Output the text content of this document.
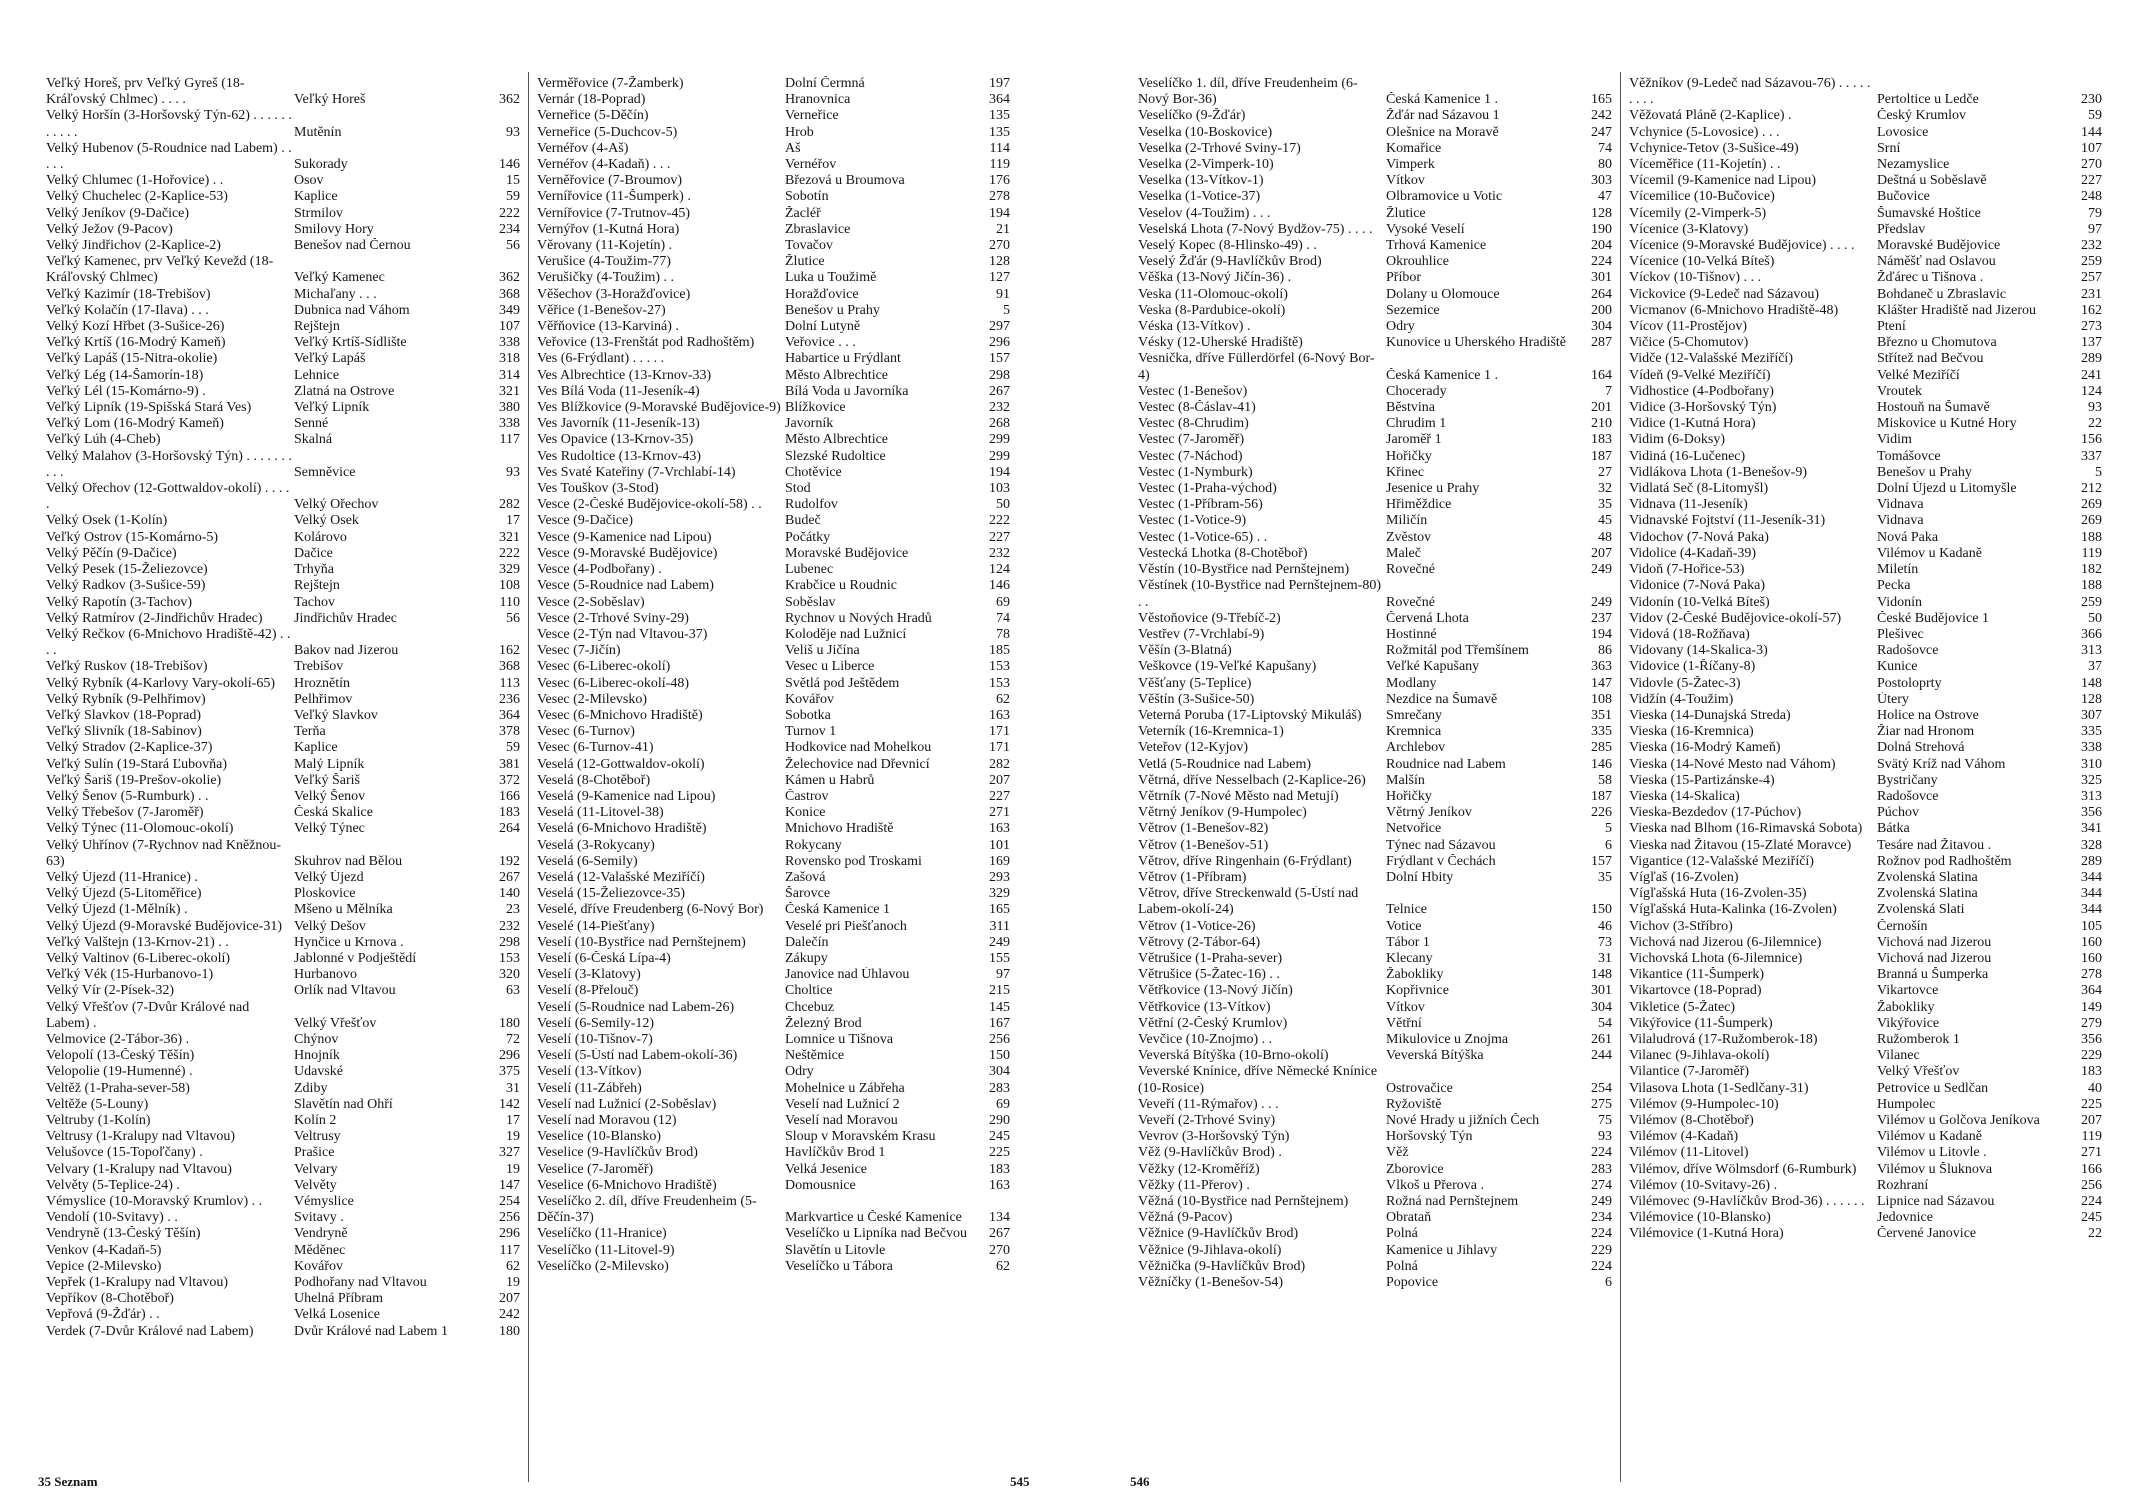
Veľký Horeš, prv Veľký Gyreš (18-Kráľovský Chlmec) . . . .	Veľký Horeš	362
Velký Horšín (3-Horšovský Týn-62) . . . . . . . . . . .	Mutěnín	93
Velký Hubenov (5-Roudnice nad Labem) . . . . .	Sukorady	146
Velký Chlumec (1-Hořovice) . .	Osov	15
Velký Chuchelec (2-Kaplice-53)	Kaplice	59
Velký Jeníkov (9-Dačice)	Strmilov	222
Velký Ježov (9-Pacov)	Smilovy Hory	234
Velký Jindřichov (2-Kaplice-2)	Benešov nad Černou	56
Veľký Kamenec, prv Veľký Kevežd (18-Kráľovský Chlmec)	Veľký Kamenec	362
Veľký Kazimír (18-Trebišov)	Michaľany . . .	368
Veľký Kolačín (17-Ilava) . . .	Dubnica nad Váhom	349
Velký Kozí Hřbet (3-Sušice-26)	Rejštejn	107
Veľký Krtíš (16-Modrý Kameň)	Veľký Krtíš-Sídlište	338
Veľký Lapáš (15-Nitra-okolie)	Veľký Lapáš	318
Veľký Lég (14-Šamorín-18)	Lehnice	314
Veľký Lél (15-Komárno-9) .	Zlatná na Ostrove	321
Veľký Lipník (19-Spišská Stará Ves)	Veľký Lipník	380
Veľký Lom (16-Modrý Kameň)	Senné	338
Veľký Lúh (4-Cheb)	Skalná	117
Velký Malahov (3-Horšovský Týn) . . . . . . . . . .	Semněvice	93
Velký Ořechov (12-Gottwaldov-okolí) . . . . .	Velký Ořechov	282
Velký Osek (1-Kolín)	Velký Osek	17
Veľký Ostrov (15-Komárno-5)	Kolárovo	321
Velký Pěčín (9-Dačice)	Dačice	222
Velký Pesek (15-Želiezovce)	Trhyňa	329
Velký Radkov (3-Sušice-59)	Rejštejn	108
Velký Rapotín (3-Tachov)	Tachov	110
Velký Ratmírov (2-Jindřichův Hradec)	Jindřichův Hradec	56
Velký Rečkov (6-Mnichovo Hradiště-42) . . . .	Bakov nad Jizerou	162
Veľký Ruskov (18-Trebišov)	Trebišov	368
Velký Rybník (4-Karlovy Vary-okolí-65)	Hroznětín	113
Velký Rybník (9-Pelhřimov)	Pelhřimov	236
Veľký Slavkov (18-Poprad)	Veľký Slavkov	364
Veľký Slivník (18-Sabinov)	Terňa	378
Velký Stradov (2-Kaplice-37)	Kaplice	59
Veľký Sulín (19-Stará Ľubovňa)	Malý Lipník	381
Veľký Šariš (19-Prešov-okolie)	Veľký Šariš	372
Velký Šenov (5-Rumburk) . .	Velký Šenov	166
Velký Třebešov (7-Jaroměř)	Česká Skalice	183
Velký Týnec (11-Olomouc-okolí)	Velký Týnec	264
Velký Uhřínov (7-Rychnov nad Kněžnou-63)	Skuhrov nad Bělou	192
Velký Újezd (11-Hranice) .	Velký Újezd	267
Velký Újezd (5-Litoměřice)	Ploskovice	140
Velký Újezd (1-Mělník) .	Mšeno u Mělníka	23
Velký Újezd (9-Moravské Budějovice-31) Velký Dešov	232
Veľký Valštejn (13-Krnov-21) . .	Hynčice u Krnova .	298
Velký Valtinov (6-Liberec-okolí)	Jablonné v Podještědí	153
Veľký Vék (15-Hurbanovo-1)	Hurbanovo	320
Velký Vír (2-Písek-32)	Orlík nad Vltavou	63
Velký Vřešťov (7-Dvůr Králové nad Labem) .	Velký Vřešťov	180
Velmovice (2-Tábor-36) .	Chýnov	72
Velopolí (13-Český Těšín)	Hnojník	296
Velopolie (19-Humenné) .	Udavské	375
Veltěž (1-Praha-sever-58)	Zdiby	31
Veltěže (5-Louny)	Slavětín nad Ohří	142
Veltruby (1-Kolín)	Kolín 2	17
Veltrusy (1-Kralupy nad Vltavou)	Veltrusy	19
Velušovce (15-Topoľčany) .	Prašice	327
Velvary (1-Kralupy nad Vltavou)	Velvary	19
Velvěty (5-Teplice-24) .	Velvěty	147
Vémyslice (10-Moravský Krumlov) . .	Vémyslice	254
Vendolí (10-Svitavy) . .	Svitavy .	256
Vendryně (13-Český Těšín)	Vendryně	296
Venkov (4-Kadaň-5)	Měděnec	117
Vepice (2-Milevsko)	Kovářov	62
Vepřek (1-Kralupy nad Vltavou)	Podhořany nad Vltavou	19
Vepříkov (8-Chotěboř)	Uhelná Příbram	207
Vepřová (9-Žďár) . .	Velká Losenice	242
Verdek (7-Dvůr Králové nad Labem)	Dvůr Králové nad Labem 1	180
Verměřovice (7-Žamberk)	Dolní Čermná	197
Vernár (18-Poprad)	Hranovnica	364
Verneřice (5-Děčín)	Verneřice	135
Verneřice (5-Duchcov-5)	Hrob	135
Vernéřov (4-Aš)	Aš	114
Vernéřov (4-Kadaň) . . .	Vernéřov	119
Verněřovice (7-Broumov)	Březová u Broumova	176
Vernířovice (11-Šumperk) .	Sobotín	278
Vernířovice (7-Trutnov-45)	Žacléř	194
Vernýřov (1-Kutná Hora)	Zbraslavice	21
Věrovany (11-Kojetín) .	Tovačov	270
Verušice (4-Toužim-77)	Žlutice	128
Verušičky (4-Toužim) . .	Luka u Toužimě	127
Věšechov (3-Horažďovice)	Horažďovice	91
Věřice (1-Benešov-27)	Benešov u Prahy	5
Věřňovice (13-Karviná) .	Dolní Lutyně	297
Veřovice (13-Frenštát pod Radhoštěm)	Veřovice . . .	296
Ves (6-Frýdlant) . . . . .	Habartice u Frýdlant	157
Ves Albrechtice (13-Krnov-33)	Město Albrechtice	298
Ves Bílá Voda (11-Jeseník-4)	Bílá Voda u Javorníka	267
Ves Blížkovice (9-Moravské Budějovice-9) Blížkovice	232
Ves Javorník (11-Jeseník-13)	Javorník	268
Ves Opavice (13-Krnov-35)	Město Albrechtice	299
Ves Rudoltice (13-Krnov-43)	Slezské Rudoltice	299
Ves Svaté Kateřiny (7-Vrchlabí-14)	Chotěvice	194
Ves Touškov (3-Stod)	Stod	103
Vesce (2-České Budějovice-okolí-58) . .	Rudolfov	50
Vesce (9-Dačice)	Budeč	222
Vesce (9-Kamenice nad Lipou)	Počátky	227
Vesce (9-Moravské Budějovice)	Moravské Budějovice	232
Vesce (4-Podbořany) .	Lubenec	124
Vesce (5-Roudnice nad Labem)	Krabčice u Roudnic	146
Vesce (2-Soběslav)	Soběslav	69
Vesce (2-Trhové Sviny-29)	Rychnov u Nových Hradů	74
Vesce (2-Týn nad Vltavou-37)	Koloděje nad Lužnicí	78
Vesec (7-Jičín)	Veliš u Jičína	185
Vesec (6-Liberec-okolí)	Vesec u Liberce	153
Vesec (6-Liberec-okolí-48)	Světlá pod Ještědem	153
Vesec (2-Milevsko)	Kovářov	62
Vesec (6-Mnichovo Hradiště)	Sobotka	163
Vesec (6-Turnov)	Turnov 1	171
Vesec (6-Turnov-41)	Hodkovice nad Mohelkou	171
Veselá (12-Gottwaldov-okolí)	Želechovice nad Dřevnicí	282
Veselá (8-Chotěboř)	Kámen u Habrů	207
Veselá (9-Kamenice nad Lipou)	Častrov	227
Veselá (11-Litovel-38)	Konice	271
Veselá (6-Mnichovo Hradiště)	Mnichovo Hradiště	163
Veselá (3-Rokycany)	Rokycany	101
Veselá (6-Semily)	Rovensko pod Troskami	169
Veselá (12-Valašské Meziříčí)	Zašová	293
Veselá (15-Želiezovce-35)	Šarovce	329
Veselé, dříve Freudenberg (6-Nový Bor)	Česká Kamenice 1	165
Veselé (14-Piešťany)	Veselé pri Piešťanoch	311
Veselí (10-Bystřice nad Pernštejnem)	Dalečín	249
Veselí (6-Česká Lípa-4)	Zákupy	155
Veselí (3-Klatovy)	Janovice nad Úhlavou	97
Veselí (8-Přelouč)	Choltice	215
Veselí (5-Roudnice nad Labem-26)	Chcebuz	145
Veselí (6-Semily-12)	Železný Brod	167
Veselí (10-Tišnov-7)	Lomnice u Tišnova	256
Veselí (5-Ústí nad Labem-okolí-36)	Neštěmice	150
Veselí (13-Vítkov)	Odry	304
Veselí (11-Zábřeh)	Mohelnice u Zábřeha	283
Veselí nad Lužnicí (2-Soběslav)	Veselí nad Lužnicí 2	69
Veselí nad Moravou (12)	Veselí nad Moravou	290
Veselice (10-Blansko)	Sloup v Moravském Krasu	245
Veselice (9-Havlíčkův Brod)	Havlíčkův Brod 1	225
Veselice (7-Jaroměř)	Velká Jesenice	183
Veselice (6-Mnichovo Hradiště)	Domousnice	163
Veselíčko 2. díl, dříve Freudenheim (5-Děčín-37)	Markvartice u České Kamenice	134
Veselíčko (11-Hranice)	Veselíčko u Lipníka nad Bečvou	267
Veselíčko (11-Litovel-9)	Slavětín u Litovle	270
Veselíčko (2-Milevsko)	Veselíčko u Tábora	62
Veselíčko 1. díl, dříve Freudenheim (6-Nový Bor-36)	Česká Kamenice 1 .	165
Veselíčko (9-Žďár)	Žďár nad Sázavou 1	242
Veselka (10-Boskovice)	Olešnice na Moravě	247
Veselka (2-Trhové Sviny-17)	Komařice	74
Veselka (2-Vimperk-10)	Vimperk	80
Veselka (13-Vítkov-1)	Vítkov	303
Veselka (1-Votice-37)	Olbramovice u Votic	47
Veselov (4-Toužim) . . .	Žlutice	128
Veselská Lhota (7-Nový Bydžov-75) . . . . Vysoké Veselí	190
Veselý Kopec (8-Hlinsko-49) . .	Trhová Kamenice	204
Veselý Žďár (9-Havlíčkův Brod)	Okrouhlice	224
Věška (13-Nový Jičín-36) .	Příbor	301
Veska (11-Olomouc-okolí)	Dolany u Olomouce	264
Veska (8-Pardubice-okolí)	Sezemice	200
Véska (13-Vítkov) .	Odry	304
Vésky (12-Uherské Hradiště)	Kunovice u Uherského Hradiště	287
Vesnička, dříve Füllerdörfel (6-Nový Bor-4)	Česká Kamenice 1 .	164
Vestec (1-Benešov)	Chocerady	7
Vestec (8-Čáslav-41)	Běstvina	201
Vestec (8-Chrudim)	Chrudim 1	210
Vestec (7-Jaroměř)	Jaroměř 1	183
Vestec (7-Náchod)	Hořičky	187
Vestec (1-Nymburk)	Křinec	27
Vestec (1-Praha-východ)	Jesenice u Prahy	32
Vestec (1-Příbram-56)	Hřiměždice	35
Vestec (1-Votice-9)	Miličín	45
Vestec (1-Votice-65) . .	Zvěstov	48
Vestecká Lhotka (8-Chotěboř)	Maleč	207
Věstín (10-Bystřice nad Pernštejnem)	Rovečné	249
Věstínek (10-Bystřice nad Pernštejnem-80) . .	Rovečné	249
Věstoňovice (9-Třebíč-2)	Červená Lhota	237
Vestřev (7-Vrchlabí-9)	Hostinné	194
Věšín (3-Blatná)	Rožmitál pod Třemšínem	86
Veškovce (19-Veľké Kapušany)	Veľké Kapušany	363
Věšťany (5-Teplice)	Modlany	147
Věštín (3-Sušice-50)	Nezdice na Šumavě	108
Veterná Poruba (17-Liptovský Mikuláš)	Smrečany	351
Veterník (16-Kremnica-1)	Kremnica	335
Veteřov (12-Kyjov)	Archlebov	285
Vetlá (5-Roudnice nad Labem)	Roudnice nad Labem	146
Větrná, dříve Nesselbach (2-Kaplice-26)	Malšín	58
Větrník (7-Nové Město nad Metují)	Hořičky	187
Větrný Jeníkov (9-Humpolec)	Větrný Jeníkov	226
Větrov (1-Benešov-82)	Netvořice	5
Větrov (1-Benešov-51)	Týnec nad Sázavou	6
Větrov, dříve Ringenhain (6-Frýdlant)	Frýdlant v Čechách	157
Větrov (1-Příbram)	Dolní Hbity	35
Větrov, dříve Streckenwald (5-Ústí nad Labem-okolí-24)	Telnice	150
Větrov (1-Votice-26)	Votice	46
Větrovy (2-Tábor-64)	Tábor 1	73
Větrušice (1-Praha-sever)	Klecany	31
Větrušice (5-Žatec-16) . .	Žabokliky	148
Větřkovice (13-Nový Jičín)	Kopřivnice	301
Větřkovice (13-Vítkov)	Vítkov	304
Větřní (2-Český Krumlov)	Větřní	54
Vevčice (10-Znojmo) . .	Mikulovice u Znojma	261
Veverská Bítýška (10-Brno-okolí)	Veverská Bítýška	244
Veverské Knínice, dříve Německé Knínice (10-Rosice)	Ostrovačice	254
Veveří (11-Rýmařov) . . .	Ryžoviště	275
Veveří (2-Trhové Sviny)	Nové Hrady u jižních Čech	75
Vevrov (3-Horšovský Týn)	Horšovský Týn	93
Věž (9-Havlíčkův Brod) .	Věž	224
Věžky (12-Kroměříž)	Zborovice	283
Věžky (11-Přerov) .	Vlkoš u Přerova .	274
Věžná (10-Bystřice nad Pernštejnem)	Rožná nad Pernštejnem	249
Věžná (9-Pacov)	Obrataň	234
Věžnice (9-Havlíčkův Brod)	Polná	224
Věžnice (9-Jihlava-okolí)	Kamenice u Jihlavy	229
Věžnička (9-Havlíčkův Brod)	Polná	224
Věžníčky (1-Benešov-54)	Popovice	6
Věžníkov (9-Ledeč nad Sázavou-76) . . . . . . . . .	Pertoltice u Ledče	230
Věžovatá Pláně (2-Kaplice) .	Český Krumlov	59
Vchynice (5-Lovosice) . . .	Lovosice	144
Vchynice-Tetov (3-Sušice-49)	Srní	107
Víceměřice (11-Kojetín) . .	Nezamyslice	270
Vícemil (9-Kamenice nad Lipou)	Deštná u Soběslavě	227
Vícemilice (10-Bučovice)	Bučovice	248
Vícemily (2-Vimperk-5)	Šumavské Hoštice	79
Vícenice (3-Klatovy)	Předslav	97
Vícenice (9-Moravské Budějovice) . . . .	Moravské Budějovice	232
Vícenice (10-Velká Bíteš)	Náměšť nad Oslavou	259
Víckov (10-Tišnov) . . .	Žďárec u Tišnova .	257
Vickovice (9-Ledeč nad Sázavou)	Bohdaneč u Zbraslavic	231
Vicmanov (6-Mnichovo Hradiště-48)	Klášter Hradiště nad Jizerou	162
Vícov (11-Prostějov)	Ptení	273
Vičice (5-Chomutov)	Březno u Chomutova	137
Vidče (12-Valašské Meziříčí)	Střítež nad Bečvou	289
Vídeň (9-Velké Meziříčí)	Velké Meziříčí	241
Vidhostice (4-Podbořany)	Vroutek	124
Vidice (3-Horšovský Týn)	Hostouň na Šumavě	93
Vidice (1-Kutná Hora)	Miskovice u Kutné Hory	22
Vidim (6-Doksy)	Vidim	156
Vidiná (16-Lučenec)	Tomášovce	337
Vidlákova Lhota (1-Benešov-9)	Benešov u Prahy	5
Vidlatá Seč (8-Litomyšl)	Dolní Újezd u Litomyšle	212
Vidnava (11-Jeseník)	Vidnava	269
Vidnavské Fojtství (11-Jeseník-31)	Vidnava	269
Vidochov (7-Nová Paka)	Nová Paka	188
Vidolice (4-Kadaň-39)	Vilémov u Kadaně	119
Vidoň (7-Hořice-53)	Miletín	182
Vidonice (7-Nová Paka)	Pecka	188
Vidonín (10-Velká Bíteš)	Vidonín	259
Vidov (2-České Budějovice-okolí-57)	České Budějovice 1	50
Vidová (18-Rožňava)	Plešivec	366
Vidovany (14-Skalica-3)	Radošovce	313
Vidovice (1-Říčany-8)	Kunice	37
Vidovle (5-Žatec-3)	Postoloprty	148
Vidžín (4-Toužim)	Útery	128
Vieska (14-Dunajská Streda)	Holice na Ostrove	307
Vieska (16-Kremnica)	Žiar nad Hronom	335
Vieska (16-Modrý Kameň)	Dolná Strehová	338
Vieska (14-Nové Mesto nad Váhom)	Svätý Kríž nad Váhom	310
Vieska (15-Partizánske-4)	Bystričany	325
Vieska (14-Skalica)	Radošovce	313
Vieska-Bezdedov (17-Púchov)	Púchov	356
Vieska nad Blhom (16-Rimavská Sobota)	Bátka	341
Vieska nad Žitavou (15-Zlaté Moravce)	Tesáre nad Žitavou .	328
Vigantice (12-Valašské Meziříčí)	Rožnov pod Radhoštěm	289
Vígľaš (16-Zvolen)	Zvolenská Slatina	344
Vígľašská Huta (16-Zvolen-35)	Zvolenská Slatina	344
Vígľašská Huta-Kalinka (16-Zvolen)	Zvolenská Slati	344
Vichov (3-Stříbro)	Černošín	105
Vichová nad Jizerou (6-Jilemnice)	Vichová nad Jizerou	160
Vichovská Lhota (6-Jilemnice)	Vichová nad Jizerou	160
Vikantice (11-Šumperk)	Branná u Šumperka	278
Vikartovce (18-Poprad)	Vikartovce	364
Vikletice (5-Žatec)	Žabokliky	149
Vikýřovice (11-Šumperk)	Vikýřovice	279
Vilaludrová (17-Ružomberok-18)	Ružomberok 1	356
Vilanec (9-Jihlava-okolí)	Vilanec	229
Vilantice (7-Jaroměř)	Velký Vřešťov	183
Vilasova Lhota (1-Sedlčany-31)	Petrovice u Sedlčan	40
Vilémov (9-Humpolec-10)	Humpolec	225
Vilémov (8-Chotěboř)	Vilémov u Golčova Jeníkova	207
Vilémov (4-Kadaň)	Vilémov u Kadaně	119
Vilémov (11-Litovel)	Vilémov u Litovle .	271
Vilémov, dříve Wölmsdorf (6-Rumburk)	Vilémov u Šluknova	166
Vilémov (10-Svitavy-26) .	Rozhraní	256
Vilémovec (9-Havlíčkův Brod-36) . . . . . . Lipnice nad Sázavou	224
Vilémovice (10-Blansko)	Jedovnice	245
Vilémovice (1-Kutná Hora)	Červené Janovice	22
35 Seznam	545	546
